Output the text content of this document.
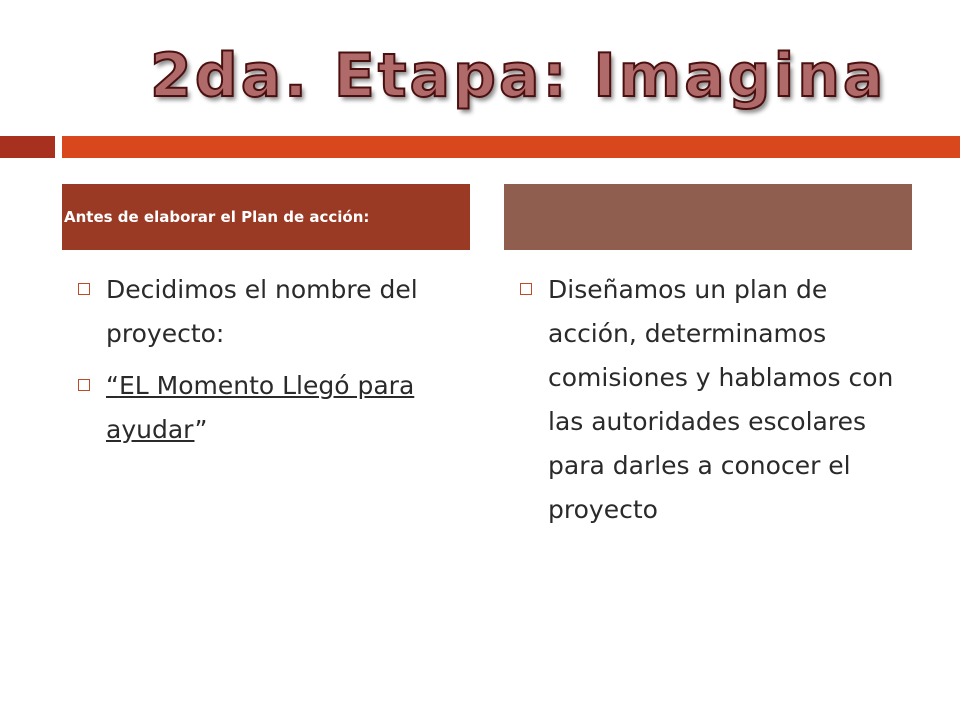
2da. Etapa: Imagina
Antes de elaborar el Plan de acción:
Decidimos el nombre del proyecto:
“EL Momento Llegó para ayudar”
Diseñamos un plan de acción, determinamos comisiones y hablamos con las autoridades escolares para darles a conocer el proyecto
